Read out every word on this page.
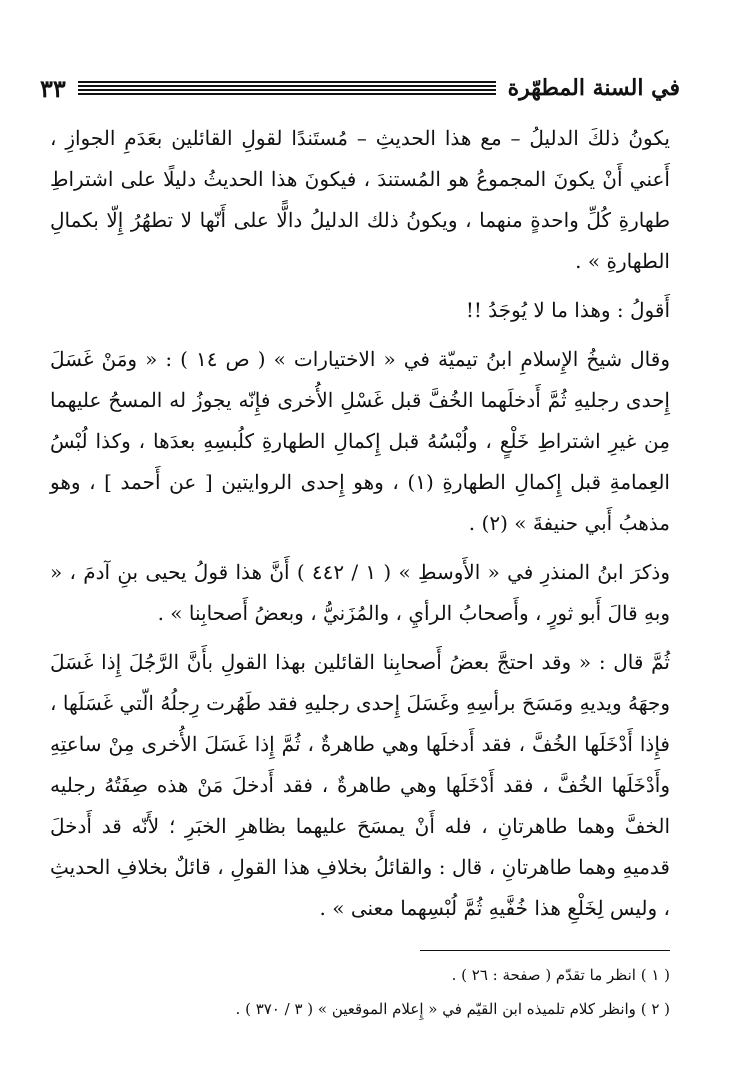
في السنة المطهّرة
٣٣

يكونُ ذلكَ الدليلُ – مع هذا الحديثِ – مُستَندًا لقولِ القائلين بعَدَمِ الجوازِ ، أَعني أَنْ يكونَ المجموعُ هو المُستندَ ، فيكونَ هذا الحديثُ دليلًا على اشتراطِ طهارةِ كُلِّ واحدةٍ منهما ، ويكونُ ذلك الدليلُ دالًّا على أَنّها لا تطهُرُ إِلّا بكمالِ الطهارةِ » .

أَقولُ : وهذا ما لا يُوجَدُ !!

وقال شيخُ الإِسلامِ ابنُ تيميّة في « الاختيارات » ( ص ١٤ ) : « ومَنْ غَسَلَ إِحدى رجليهِ ثُمَّ أَدخلَهما الخُفَّ قبل غَسْلِ الأُخرى فإِنّه يجوزُ له المسحُ عليهما مِن غيرِ اشتراطِ خَلْعٍ ، ولُبْسُهُ قبل إِكمالِ الطهارةِ كلُبسِهِ بعدَها ، وكذا لُبْسُ العِمامةِ قبل إِكمالِ الطهارةِ (١) ، وهو إِحدى الروايتين [ عن أَحمد ] ، وهو مذهبُ أَبي حنيفةَ » (٢) .

وذكرَ ابنُ المنذرِ في « الأَوسطِ » ( ١ / ٤٤٢ ) أَنَّ هذا قولُ يحيى بنِ آدمَ ، « وبهِ قالَ أَبو ثورٍ ، وأَصحابُ الرأيِ ، والمُزَنيُّ ، وبعضُ أَصحابِنا » .

ثُمَّ قال : « وقد احتجَّ بعضُ أَصحابِنا القائلين بهذا القولِ بأَنَّ الرَّجُلَ إِذا غَسَلَ وجهَهُ ويديهِ ومَسَحَ برأسِهِ وغَسَلَ إِحدى رجليهِ فقد طَهُرت رِجلُهُ الّتي غَسَلَها ، فإِذا أَدْخَلَها الخُفَّ ، فقد أَدخلَها وهي طاهرةٌ ، ثُمَّ إِذا غَسَلَ الأُخرى مِنْ ساعتِهِ وأَدْخَلَها الخُفَّ ، فقد أَدْخَلَها وهي طاهرةٌ ، فقد أَدخلَ مَنْ هذه صِفَتُهُ رجليه الخفَّ وهما طاهرتانِ ، فله أَنْ يمسَحَ عليهما بظاهرِ الخبَرِ ؛ لأَنّه قد أَدخلَ قدميهِ وهما طاهرتانِ ، قال : والقائلُ بخلافِ هذا القولِ ، قائلٌ بخلافِ الحديثِ ، وليس لِخَلْعِ هذا خُفَّيهِ ثُمَّ لُبْسِهما معنى » .

( ١ ) انظر ما تقدّم ( صفحة : ٢٦ ) .

( ٢ ) وانظر كلام تلميذه ابن القيّم في « إِعلام الموقعين » ( ٣ / ٣٧٠ ) .
